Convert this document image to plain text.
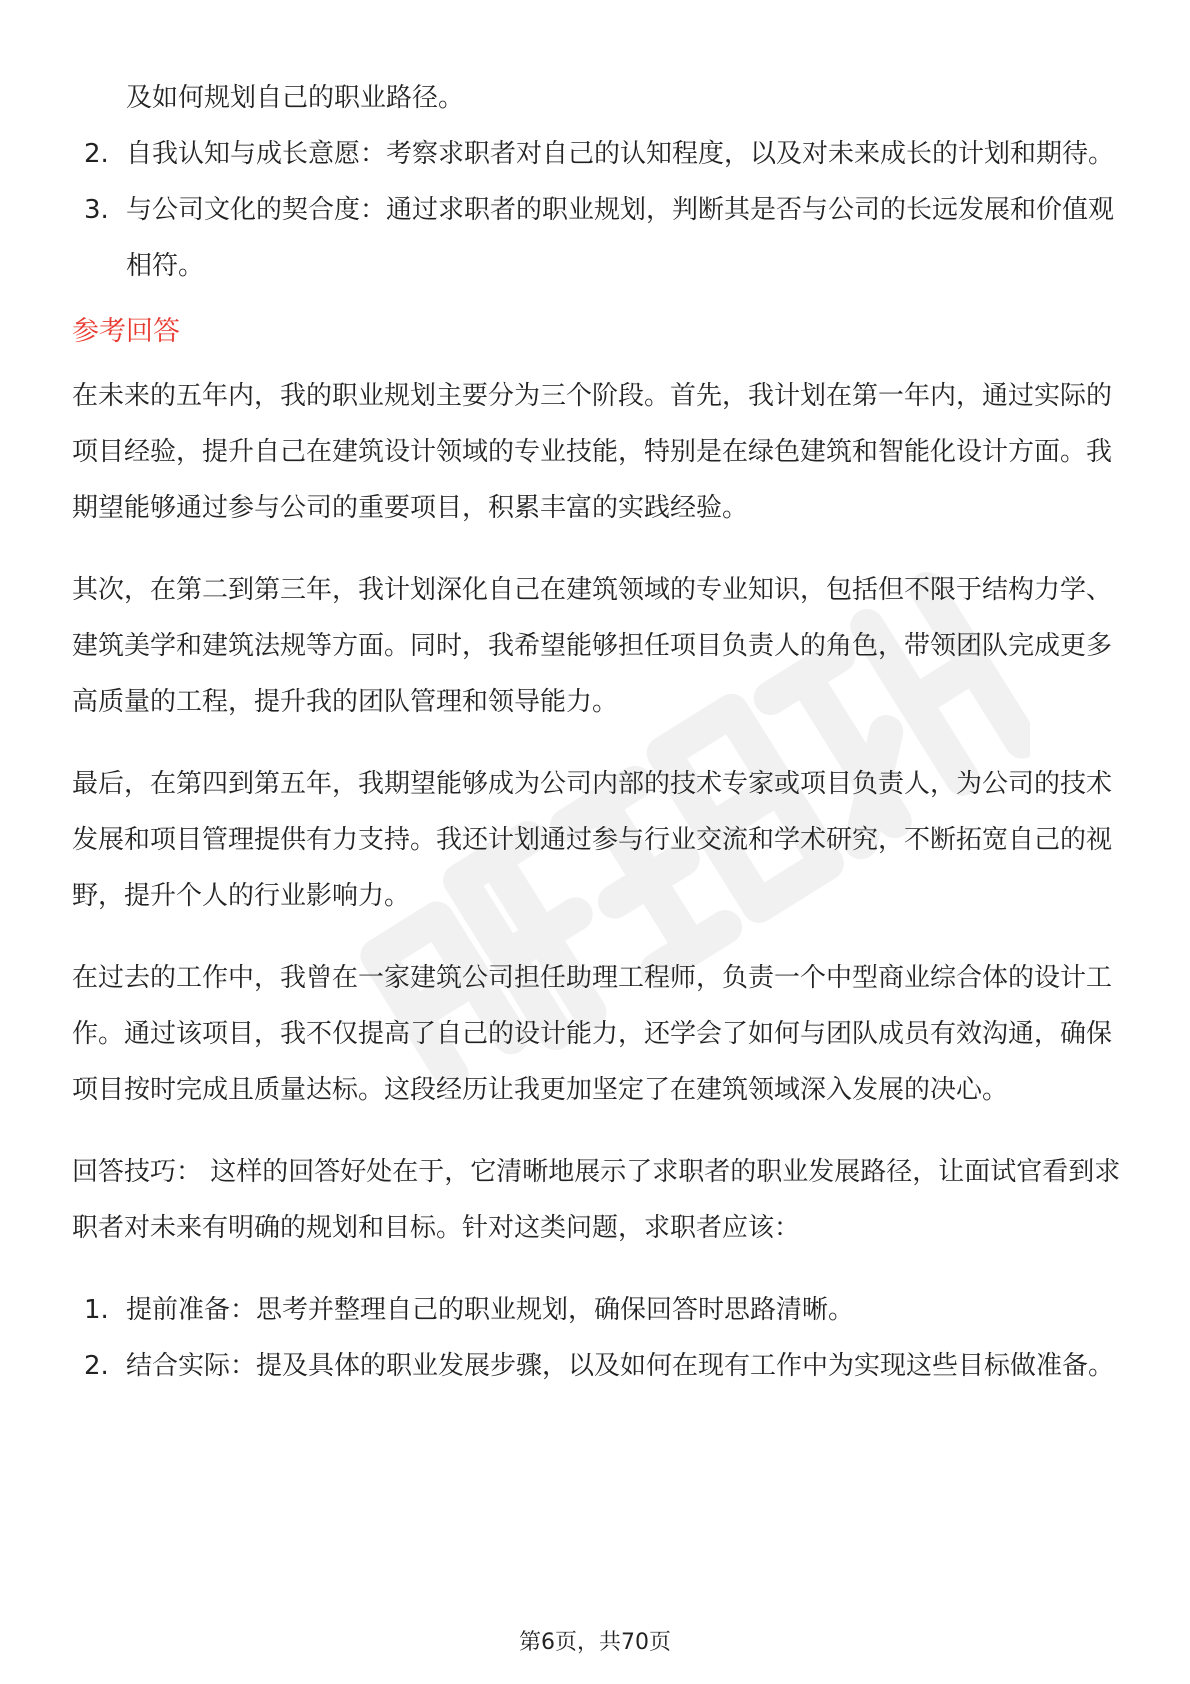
及如何规划自己的职业路径。
2. 自我认知与成长意愿：考察求职者对自己的认知程度，以及对未来成长的计划和期待。
3. 与公司文化的契合度：通过求职者的职业规划，判断其是否与公司的长远发展和价值观相符。
参考回答

在未来的五年内，我的职业规划主要分为三个阶段。首先，我计划在第一年内，通过实际的项目经验，提升自己在建筑设计领域的专业技能，特别是在绿色建筑和智能化设计方面。我期望能够通过参与公司的重要项目，积累丰富的实践经验。

其次，在第二到第三年，我计划深化自己在建筑领域的专业知识，包括但不限于结构力学、建筑美学和建筑法规等方面。同时，我希望能够担任项目负责人的角色，带领团队完成更多高质量的工程，提升我的团队管理和领导能力。

最后，在第四到第五年，我期望能够成为公司内部的技术专家或项目负责人，为公司的技术发展和项目管理提供有力支持。我还计划通过参与行业交流和学术研究，不断拓宽自己的视野，提升个人的行业影响力。

在过去的工作中，我曾在一家建筑公司担任助理工程师，负责一个中型商业综合体的设计工作。通过该项目，我不仅提高了自己的设计能力，还学会了如何与团队成员有效沟通，确保项目按时完成且质量达标。这段经历让我更加坚定了在建筑领域深入发展的决心。

回答技巧： 这样的回答好处在于，它清晰地展示了求职者的职业发展路径，让面试官看到求职者对未来有明确的规划和目标。针对这类问题，求职者应该：

1. 提前准备：思考并整理自己的职业规划，确保回答时思路清晰。
2. 结合实际：提及具体的职业发展步骤，以及如何在现有工作中为实现这些目标做准备。
第6页，共70页
